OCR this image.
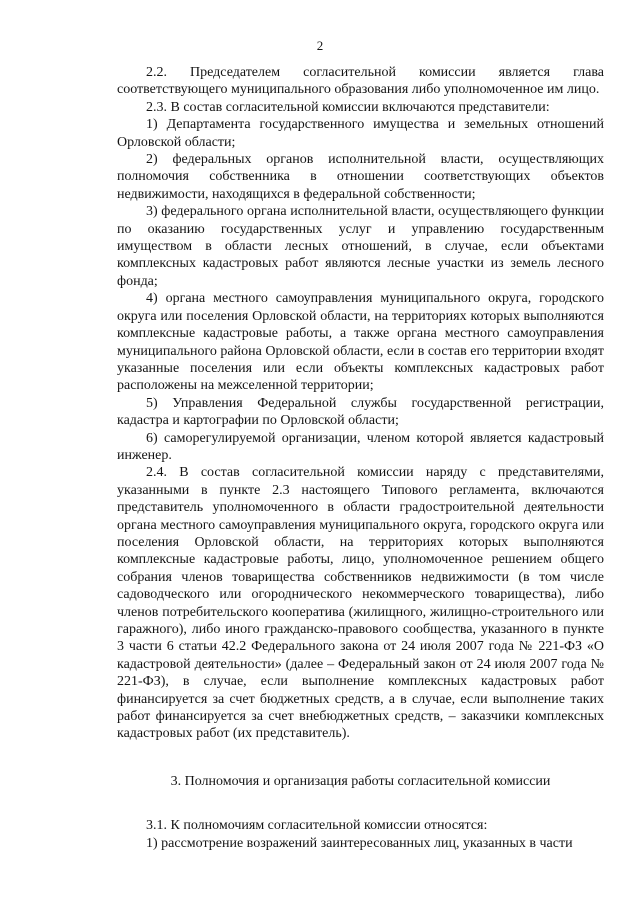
2

2.2. Председателем согласительной комиссии является глава соответствующего муниципального образования либо уполномоченное им лицо.

2.3. В состав согласительной комиссии включаются представители:

1) Департамента государственного имущества и земельных отношений Орловской области;

2) федеральных органов исполнительной власти, осуществляющих полномочия собственника в отношении соответствующих объектов недвижимости, находящихся в федеральной собственности;

3) федерального органа исполнительной власти, осуществляющего функции по оказанию государственных услуг и управлению государственным имуществом в области лесных отношений, в случае, если объектами комплексных кадастровых работ являются лесные участки из земель лесного фонда;

4) органа местного самоуправления муниципального округа, городского округа или поселения Орловской области, на территориях которых выполняются комплексные кадастровые работы, а также органа местного самоуправления муниципального района Орловской области, если в состав его территории входят указанные поселения или если объекты комплексных кадастровых работ расположены на межселенной территории;

5) Управления Федеральной службы государственной регистрации, кадастра и картографии по Орловской области;

6) саморегулируемой организации, членом которой является кадастровый инженер.

2.4. В состав согласительной комиссии наряду с представителями, указанными в пункте 2.3 настоящего Типового регламента, включаются представитель уполномоченного в области градостроительной деятельности органа местного самоуправления муниципального округа, городского округа или поселения Орловской области, на территориях которых выполняются комплексные кадастровые работы, лицо, уполномоченное решением общего собрания членов товарищества собственников недвижимости (в том числе садоводческого или огороднического некоммерческого товарищества), либо членов потребительского кооператива (жилищного, жилищно-строительного или гаражного), либо иного гражданско-правового сообщества, указанного в пункте 3 части 6 статьи 42.2 Федерального закона от 24 июля 2007 года № 221-ФЗ «О кадастровой деятельности» (далее – Федеральный закон от 24 июля 2007 года № 221-ФЗ), в случае, если выполнение комплексных кадастровых работ финансируется за счет бюджетных средств, а в случае, если выполнение таких работ финансируется за счет внебюджетных средств, – заказчики комплексных кадастровых работ (их представитель).

3. Полномочия и организация работы согласительной комиссии

3.1. К полномочиям согласительной комиссии относятся:

1) рассмотрение возражений заинтересованных лиц, указанных в части
